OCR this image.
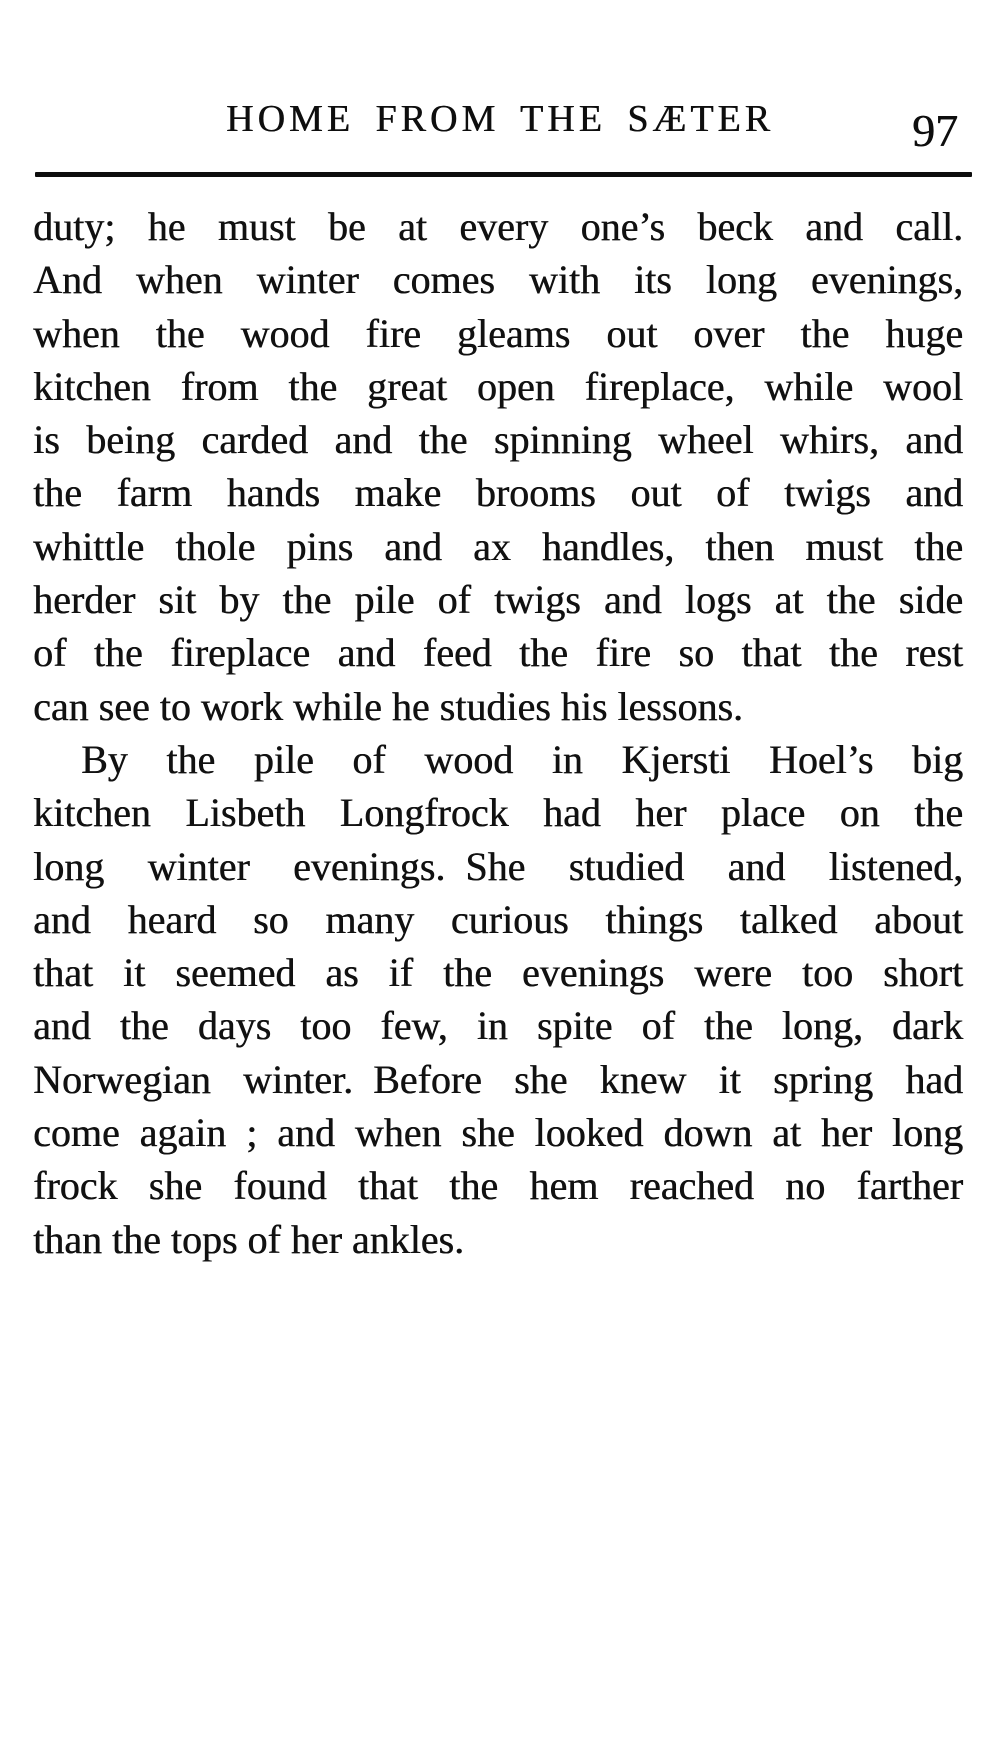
HOME FROM THE SÆTER	97
duty; he must be at every one’s beck and call.
And when winter comes with its long evenings,
when the wood fire gleams out over the huge
kitchen from the great open fireplace, while wool
is being carded and the spinning wheel whirs, and
the farm hands make brooms out of twigs and
whittle thole pins and ax handles, then must the
herder sit by the pile of twigs and logs at the side
of the fireplace and feed the fire so that the rest
can see to work while he studies his lessons.
By the pile of wood in Kjersti Hoel’s big
kitchen Lisbeth Longfrock had her place on the
long winter evenings. She studied and listened,
and heard so many curious things talked about
that it seemed as if the evenings were too short
and the days too few, in spite of the long, dark
Norwegian winter. Before she knew it spring had
come again ; and when she looked down at her long
frock she found that the hem reached no farther
than the tops of her ankles.
